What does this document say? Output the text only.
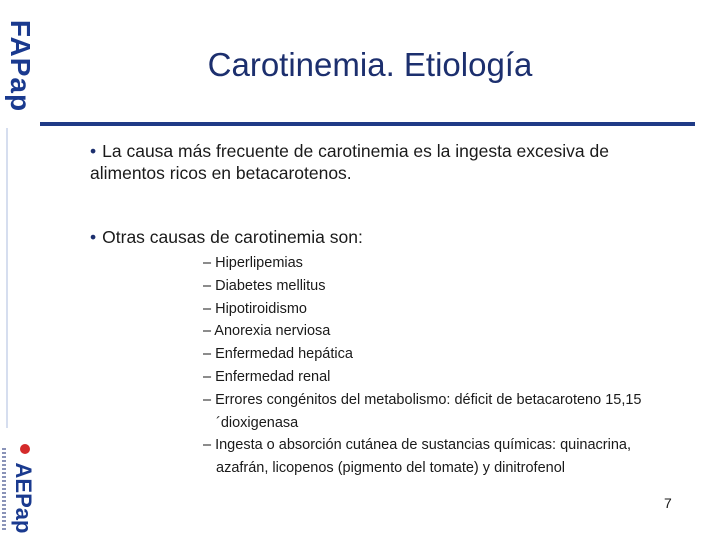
FAPap
AEPap
Carotinemia. Etiología

• La causa más frecuente de carotinemia es la ingesta excesiva de alimentos ricos en betacarotenos.

• Otras causas de carotinemia son:

– Hiperlipemias
– Diabetes mellitus
– Hipotiroidismo
– Anorexia nerviosa
– Enfermedad hepática
– Enfermedad renal
– Errores congénitos del metabolismo: déficit de betacaroteno 15,15´dioxigenasa
– Ingesta o absorción cutánea de sustancias químicas: quinacrina, azafrán, licopenos (pigmento del tomate) y dinitrofenol
7
